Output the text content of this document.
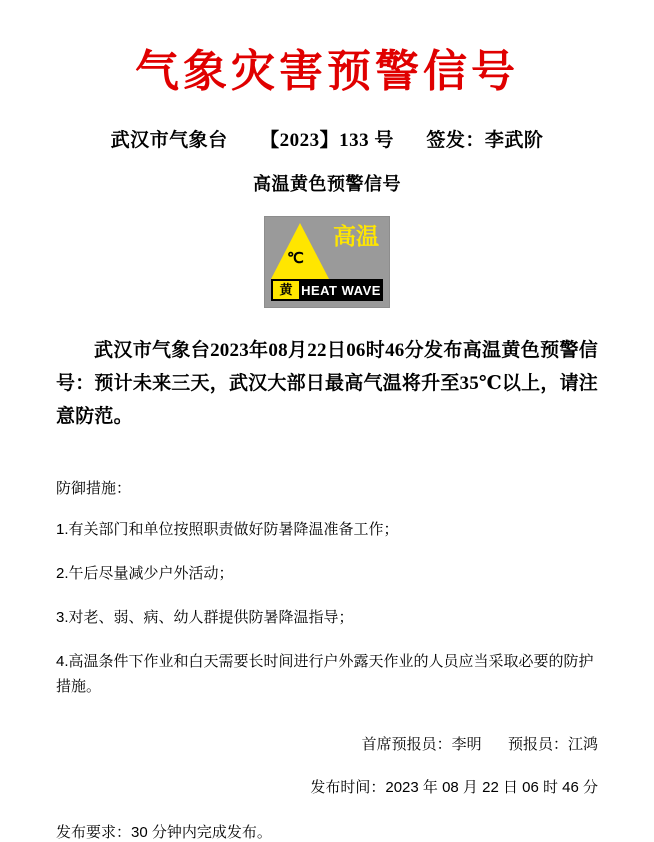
气象灾害预警信号
武汉市气象台 【2023】133 号 签发：李武阶
高温黄色预警信号
℃
高温
黄 HEAT WAVE
武汉市气象台2023年08月22日06时46分发布高温黄色预警信号：预计未来三天，武汉大部日最高气温将升至35℃以上，请注意防范。
防御措施：
1.有关部门和单位按照职责做好防暑降温准备工作；
2.午后尽量减少户外活动；
3.对老、弱、病、幼人群提供防暑降温指导；
4.高温条件下作业和白天需要长时间进行户外露天作业的人员应当采取必要的防护措施。
首席预报员：李明 预报员：江鸿
发布时间：2023 年 08 月 22 日 06 时 46 分
发布要求：30 分钟内完成发布。
